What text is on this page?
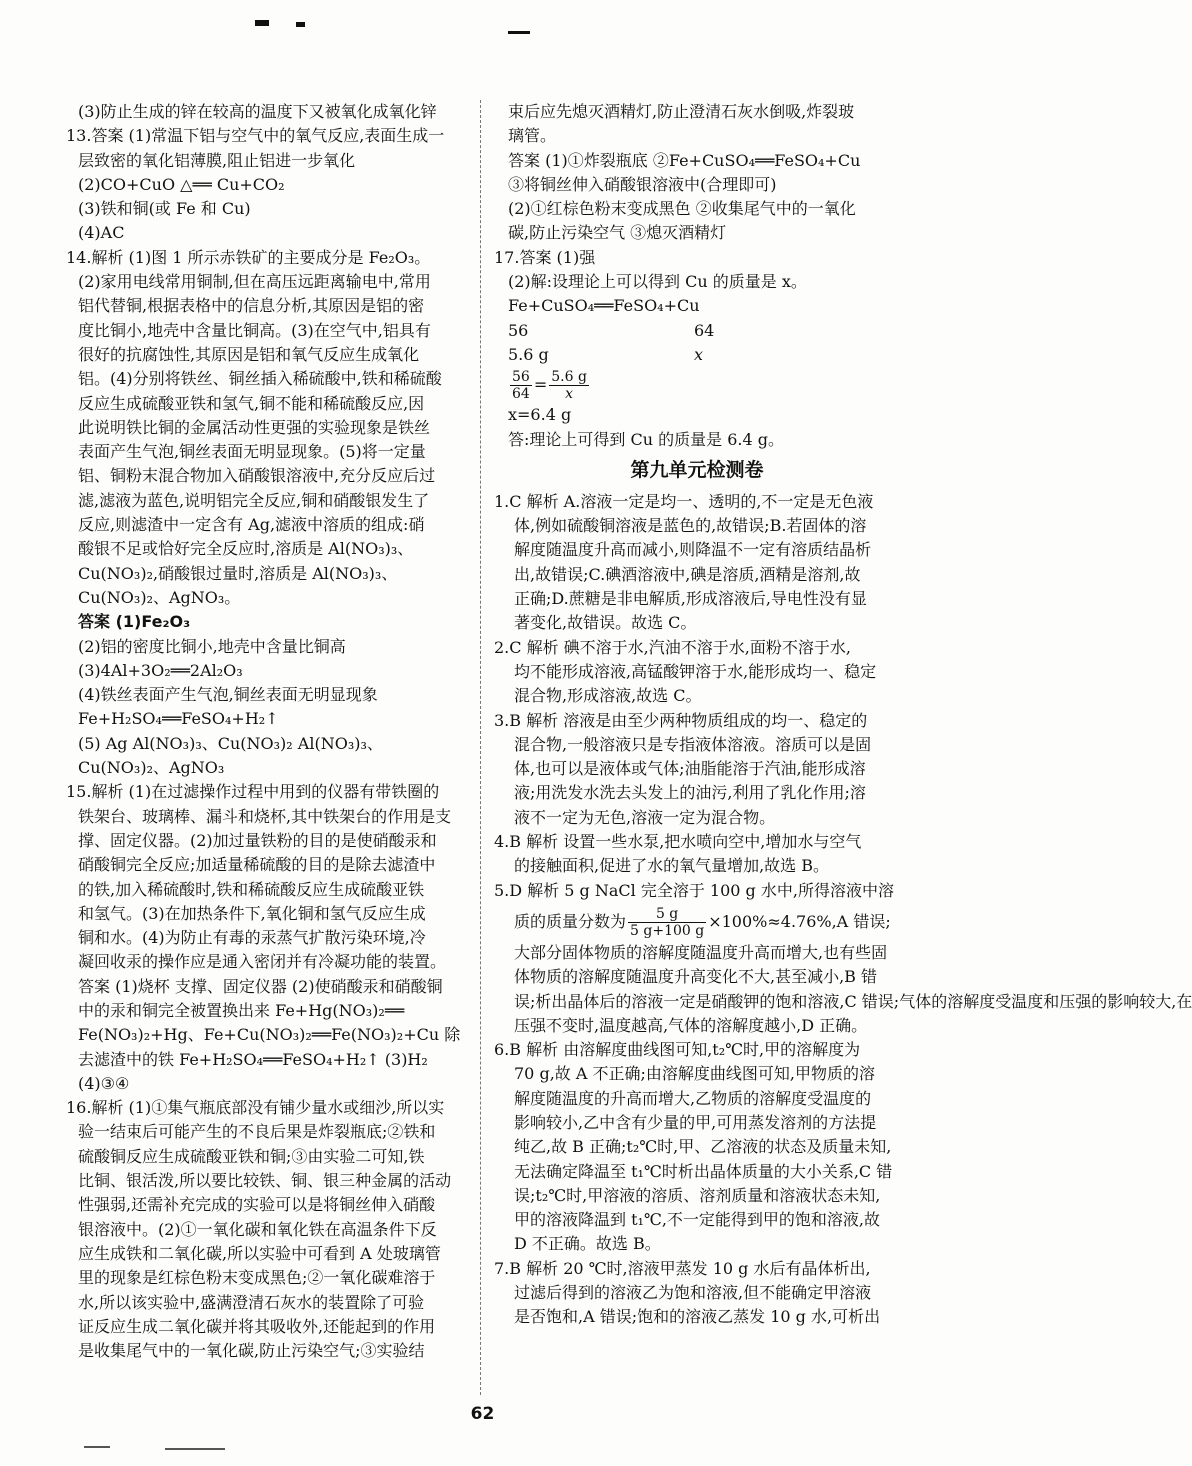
(3)防止生成的锌在较高的温度下又被氧化成氧化锌
13.答案 (1)常温下铝与空气中的氧气反应,表面生成一
层致密的氧化铝薄膜,阻止铝进一步氧化
(2)CO+CuO △══ Cu+CO₂
(3)铁和铜(或 Fe 和 Cu)
(4)AC
14.解析 (1)图 1 所示赤铁矿的主要成分是 Fe₂O₃。
(2)家用电线常用铜制,但在高压远距离输电中,常用
铝代替铜,根据表格中的信息分析,其原因是铝的密
度比铜小,地壳中含量比铜高。(3)在空气中,铝具有
很好的抗腐蚀性,其原因是铝和氧气反应生成氧化
铝。(4)分别将铁丝、铜丝插入稀硫酸中,铁和稀硫酸
反应生成硫酸亚铁和氢气,铜不能和稀硫酸反应,因
此说明铁比铜的金属活动性更强的实验现象是铁丝
表面产生气泡,铜丝表面无明显现象。(5)将一定量
铝、铜粉末混合物加入硝酸银溶液中,充分反应后过
滤,滤液为蓝色,说明铝完全反应,铜和硝酸银发生了
反应,则滤渣中一定含有 Ag,滤液中溶质的组成:硝
酸银不足或恰好完全反应时,溶质是 Al(NO₃)₃、
Cu(NO₃)₂,硝酸银过量时,溶质是 Al(NO₃)₃、
Cu(NO₃)₂、AgNO₃。
答案 (1)Fe₂O₃
(2)铝的密度比铜小,地壳中含量比铜高
(3)4Al+3O₂══2Al₂O₃
(4)铁丝表面产生气泡,铜丝表面无明显现象
Fe+H₂SO₄══FeSO₄+H₂↑
(5) Ag Al(NO₃)₃、Cu(NO₃)₂ Al(NO₃)₃、
Cu(NO₃)₂、AgNO₃
15.解析 (1)在过滤操作过程中用到的仪器有带铁圈的
铁架台、玻璃棒、漏斗和烧杯,其中铁架台的作用是支
撑、固定仪器。(2)加过量铁粉的目的是使硝酸汞和
硝酸铜完全反应;加适量稀硫酸的目的是除去滤渣中
的铁,加入稀硫酸时,铁和稀硫酸反应生成硫酸亚铁
和氢气。(3)在加热条件下,氧化铜和氢气反应生成
铜和水。(4)为防止有毒的汞蒸气扩散污染环境,冷
凝回收汞的操作应是通入密闭并有冷凝功能的装置。
答案 (1)烧杯 支撑、固定仪器 (2)使硝酸汞和硝酸铜
中的汞和铜完全被置换出来 Fe+Hg(NO₃)₂══
Fe(NO₃)₂+Hg、Fe+Cu(NO₃)₂══Fe(NO₃)₂+Cu 除
去滤渣中的铁 Fe+H₂SO₄══FeSO₄+H₂↑ (3)H₂
(4)③④
16.解析 (1)①集气瓶底部没有铺少量水或细沙,所以实
验一结束后可能产生的不良后果是炸裂瓶底;②铁和
硫酸铜反应生成硫酸亚铁和铜;③由实验二可知,铁
比铜、银活泼,所以要比较铁、铜、银三种金属的活动
性强弱,还需补充完成的实验可以是将铜丝伸入硝酸
银溶液中。(2)①一氧化碳和氧化铁在高温条件下反
应生成铁和二氧化碳,所以实验中可看到 A 处玻璃管
里的现象是红棕色粉末变成黑色;②一氧化碳难溶于
水,所以该实验中,盛满澄清石灰水的装置除了可验
证反应生成二氧化碳并将其吸收外,还能起到的作用
是收集尾气中的一氧化碳,防止污染空气;③实验结
束后应先熄灭酒精灯,防止澄清石灰水倒吸,炸裂玻
璃管。
答案 (1)①炸裂瓶底 ②Fe+CuSO₄══FeSO₄+Cu
③将铜丝伸入硝酸银溶液中(合理即可)
(2)①红棕色粉末变成黑色 ②收集尾气中的一氧化
碳,防止污染空气 ③熄灭酒精灯
17.答案 (1)强
(2)解:设理论上可以得到 Cu 的质量是 x。
Fe+CuSO₄══FeSO₄+Cu
56	64
5.6 g	x
$\frac{56}{64} = \frac{5.6 g}{x}$
x=6.4 g
答:理论上可得到 Cu 的质量是 6.4 g。
第九单元检测卷
1.C 解析 A.溶液一定是均一、透明的,不一定是无色液
体,例如硫酸铜溶液是蓝色的,故错误;B.若固体的溶
解度随温度升高而减小,则降温不一定有溶质结晶析
出,故错误;C.碘酒溶液中,碘是溶质,酒精是溶剂,故
正确;D.蔗糖是非电解质,形成溶液后,导电性没有显
著变化,故错误。故选 C。
2.C 解析 碘不溶于水,汽油不溶于水,面粉不溶于水,
均不能形成溶液,高锰酸钾溶于水,能形成均一、稳定
混合物,形成溶液,故选 C。
3.B 解析 溶液是由至少两种物质组成的均一、稳定的
混合物,一般溶液只是专指液体溶液。溶质可以是固
体,也可以是液体或气体;油脂能溶于汽油,能形成溶
液;用洗发水洗去头发上的油污,利用了乳化作用;溶
液不一定为无色,溶液一定为混合物。
4.B 解析 设置一些水泵,把水喷向空中,增加水与空气
的接触面积,促进了水的氧气量增加,故选 B。
5.D 解析 5 g NaCl 完全溶于 100 g 水中,所得溶液中溶
质的质量分数为 $\frac{5 g}{5 g+100 g} \times 100\%\approx 4.76\%,A$ 错误;
大部分固体物质的溶解度随温度升高而增大,也有些固
体物质的溶解度随温度升高变化不大,甚至减小,B 错
误;析出晶体后的溶液一定是硝酸钾的饱和溶液,C 错误;气体的溶解度受温度和压强的影响较大,在
压强不变时,温度越高,气体的溶解度越小,D 正确。
6.B 解析 由溶解度曲线图可知,t₂℃时,甲的溶解度为
70 g,故 A 不正确;由溶解度曲线图可知,甲物质的溶
解度随温度的升高而增大,乙物质的溶解度受温度的
影响较小,乙中含有少量的甲,可用蒸发溶剂的方法提
纯乙,故 B 正确;t₂℃时,甲、乙溶液的状态及质量未知,
无法确定降温至 t₁℃时析出晶体质量的大小关系,C 错
误;t₂℃时,甲溶液的溶质、溶剂质量和溶液状态未知,
甲的溶液降温到 t₁℃,不一定能得到甲的饱和溶液,故
D 不正确。故选 B。
7.B 解析 20 ℃时,溶液甲蒸发 10 g 水后有晶体析出,
过滤后得到的溶液乙为饱和溶液,但不能确定甲溶液
是否饱和,A 错误;饱和的溶液乙蒸发 10 g 水,可析出
62
